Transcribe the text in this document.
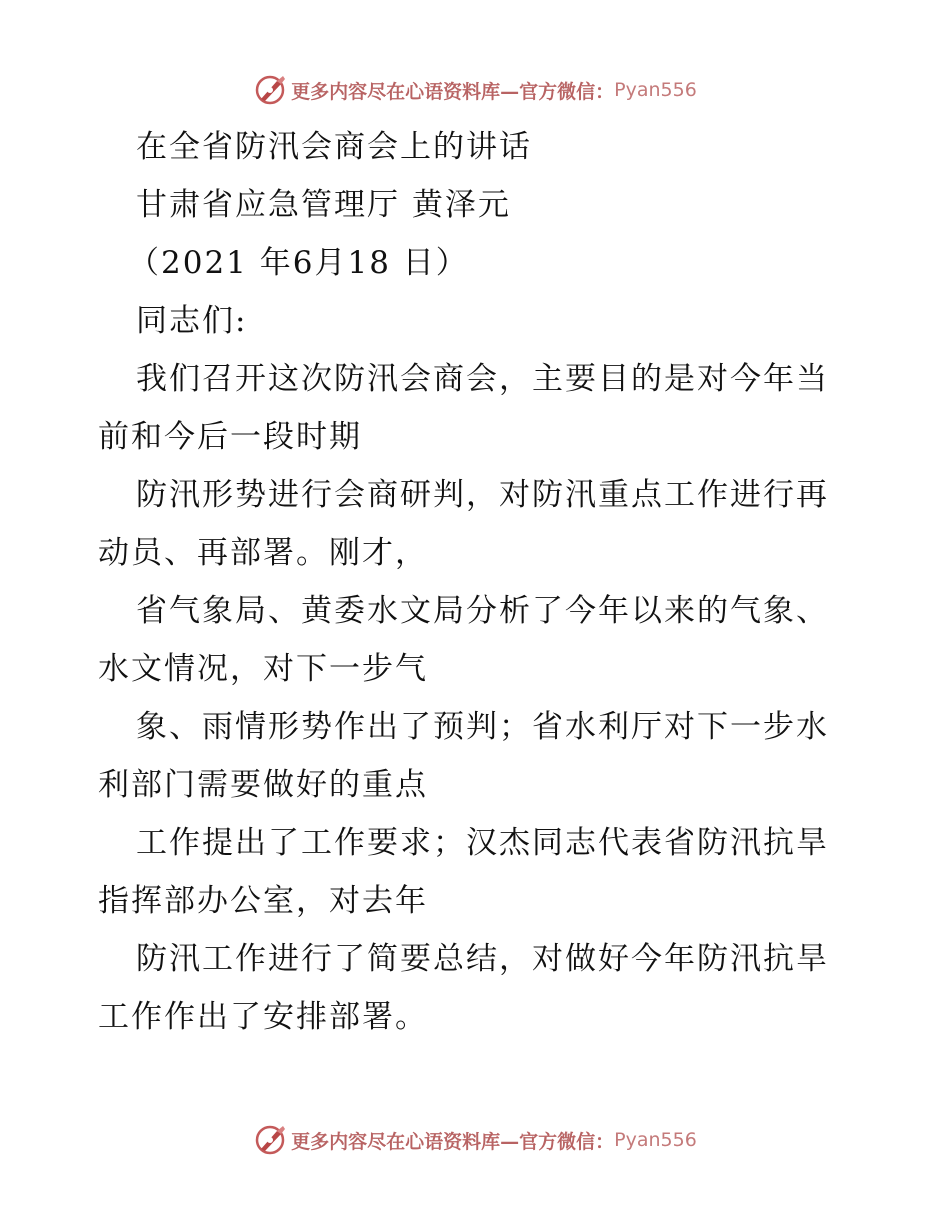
更多内容尽在心语资料库—官方微信： Pyan556
在全省防汛会商会上的讲话
甘肃省应急管理厅 黄泽元
（2021 年6月18 日）
同志们:
我们召开这次防汛会商会，主要目的是对今年当
前和今后一段时期
防汛形势进行会商研判，对防汛重点工作进行再
动员、再部署。刚才，
省气象局、黄委水文局分析了今年以来的气象、
水文情况，对下一步气
象、雨情形势作出了预判；省水利厅对下一步水
利部门需要做好的重点
工作提出了工作要求；汉杰同志代表省防汛抗旱
指挥部办公室，对去年
防汛工作进行了简要总结，对做好今年防汛抗旱
工作作出了安排部署。
更多内容尽在心语资料库—官方微信： Pyan556
